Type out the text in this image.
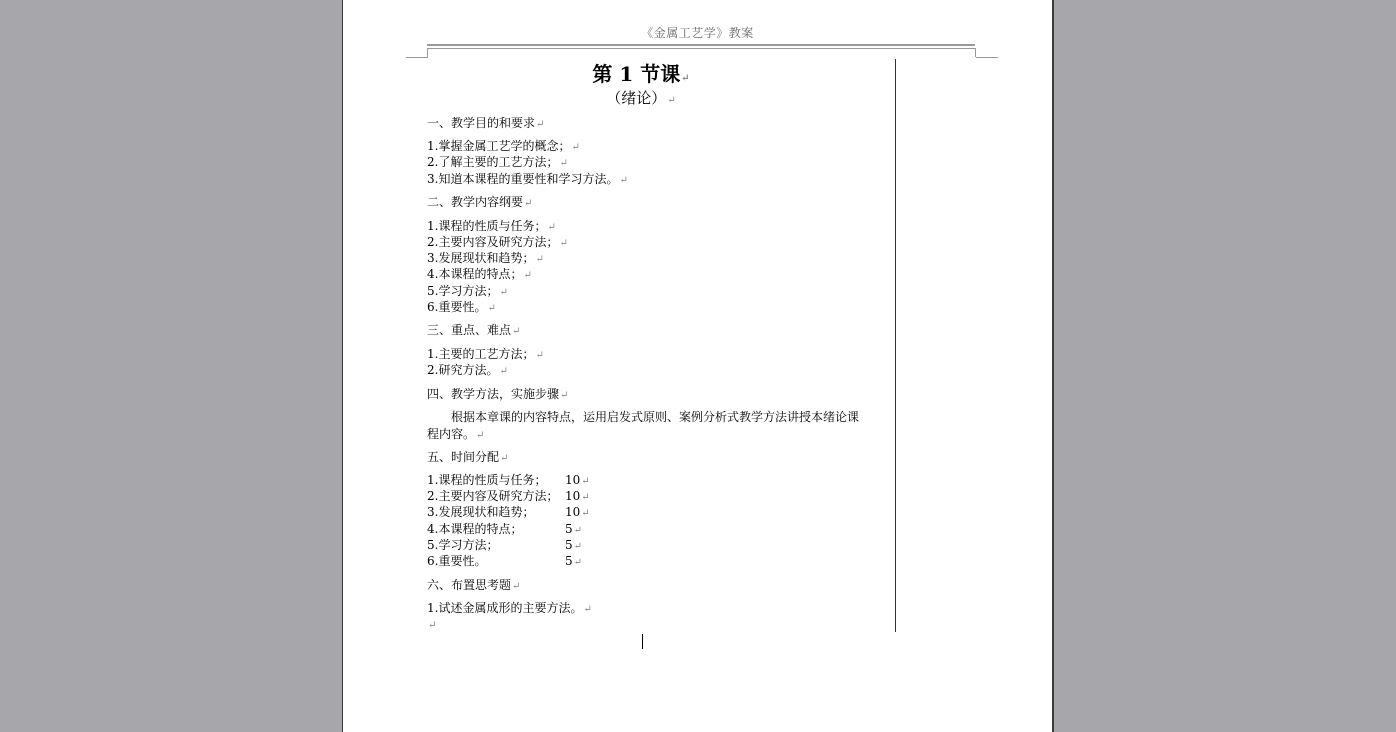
《金属工艺学》教案
第 1 节课↵
（绪论）↵
一、教学目的和要求↵
1.掌握金属工艺学的概念；↵
2.了解主要的工艺方法；↵
3.知道本课程的重要性和学习方法。↵
二、教学内容纲要↵
1.课程的性质与任务；↵
2.主要内容及研究方法；↵
3.发展现状和趋势；↵
4.本课程的特点；↵
5.学习方法；↵
6.重要性。↵
三、重点、难点↵
1.主要的工艺方法；↵
2.研究方法。↵
四、教学方法，实施步骤↵
根据本章课的内容特点，运用启发式原则、案例分析式教学方法讲授本绪论课程内容。↵
五、时间分配↵
1.课程的性质与任务； 10↵
2.主要内容及研究方法； 10↵
3.发展现状和趋势；	10↵
4.本课程的特点；	5↵
5.学习方法；	5↵
6.重要性。	5↵
六、布置思考题↵
1.试述金属成形的主要方法。↵
↵
